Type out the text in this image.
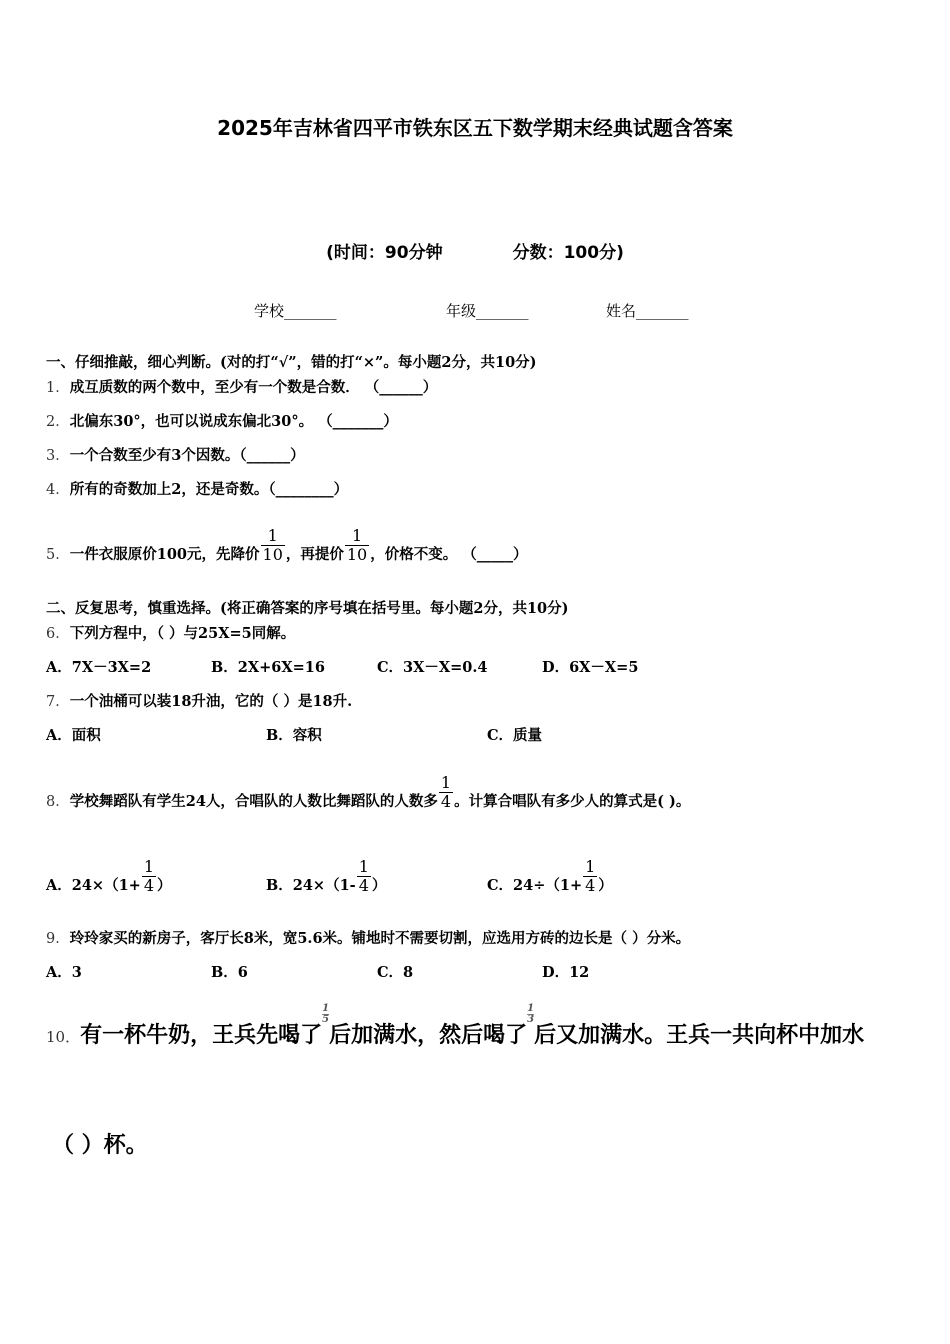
2025年吉林省四平市铁东区五下数学期末经典试题含答案
(时间：90分钟	分数：100分)
学校_______	年级_______	姓名_______
一、仔细推敲，细心判断。(对的打“√”，错的打“×”。每小题2分，共10分)
1．成互质数的两个数中，至少有一个数是合数． （______）
2．北偏东30°，也可以说成东偏北30°。 （_______）
3．一个合数至少有3个因数。（______）
4．所有的奇数加上2，还是奇数。（________）
5．一件衣服原价100元，先降价 $\frac{1}{10}$ ，再提价 $\frac{1}{10}$ ，价格不变。 （_____）
二、反复思考，慎重选择。(将正确答案的序号填在括号里。每小题2分，共10分)
6．下列方程中，（ ）与25X=5同解。
A．7X－3X=2	B．2X+6X=16	C．3X－X=0.4	D．6X－X=5
7．一个油桶可以装18升油，它的（ ）是18升.
A．面积	B．容积	C．质量
8．学校舞蹈队有学生24人，合唱队的人数比舞蹈队的人数多 $\frac{1}{4}$ 。计算合唱队有多少人的算式是( )。
A．$24\times(1+ \frac{1}{4}$ ）	B．$24\times(1- \frac{1}{4}$ ）	C．$24\div(1+ \frac{1}{4}$ ）
9．玲玲家买的新房子，客厅长8米，宽5.6米。铺地时不需要切割，应选用方砖的边长是（ ）分米。
A．3	B．6	C．8	D．12
10．有一杯牛奶，王兵先喝了$\frac{1}{5}$
后加满水，然后喝了$\frac{1}{3}$
后又加满水。王兵一共向杯中加水
（ ）杯。
